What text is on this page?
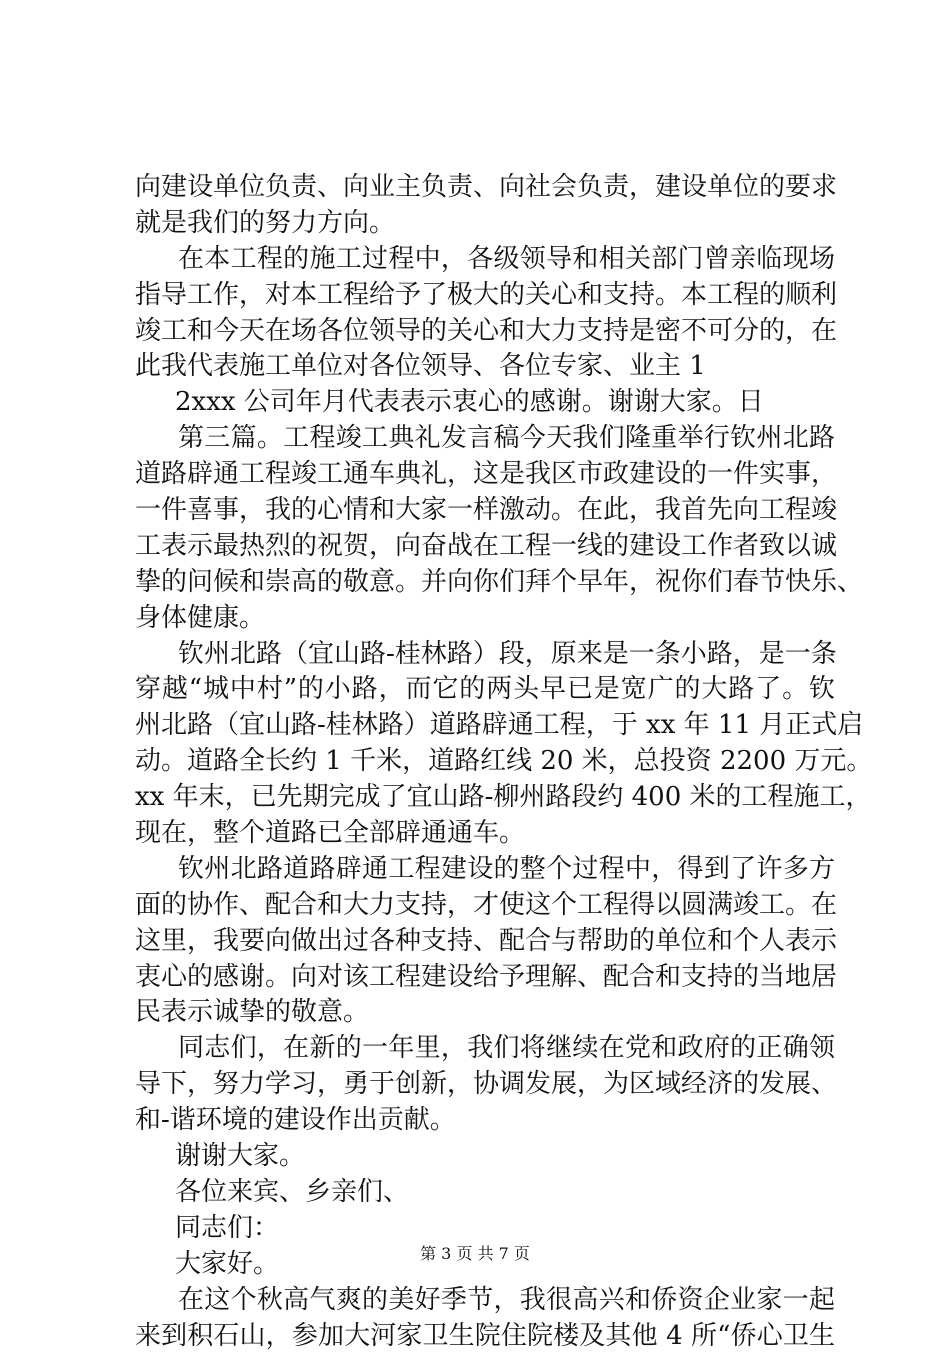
向建设单位负责、向业主负责、向社会负责，建设单位的要求
就是我们的努力方向。
在本工程的施工过程中，各级领导和相关部门曾亲临现场
指导工作，对本工程给予了极大的关心和支持。本工程的顺利
竣工和今天在场各位领导的关心和大力支持是密不可分的，在
此我代表施工单位对各位领导、各位专家、业主 1
2xxx 公司年月代表表示衷心的感谢。谢谢大家。日
第三篇。工程竣工典礼发言稿今天我们隆重举行钦州北路
道路辟通工程竣工通车典礼，这是我区市政建设的一件实事，
一件喜事，我的心情和大家一样激动。在此，我首先向工程竣
工表示最热烈的祝贺，向奋战在工程一线的建设工作者致以诚
挚的问候和崇高的敬意。并向你们拜个早年，祝你们春节快乐、
身体健康。
钦州北路（宜山路-桂林路）段，原来是一条小路，是一条
穿越“城中村”的小路，而它的两头早已是宽广的大路了。钦
州北路（宜山路-桂林路）道路辟通工程，于 xx 年 11 月正式启
动。道路全长约 1 千米，道路红线 20 米，总投资 2200 万元。
xx 年末，已先期完成了宜山路-柳州路段约 400 米的工程施工，
现在，整个道路已全部辟通通车。
钦州北路道路辟通工程建设的整个过程中，得到了许多方
面的协作、配合和大力支持，才使这个工程得以圆满竣工。在
这里，我要向做出过各种支持、配合与帮助的单位和个人表示
衷心的感谢。向对该工程建设给予理解、配合和支持的当地居
民表示诚挚的敬意。
同志们，在新的一年里，我们将继续在党和政府的正确领
导下，努力学习，勇于创新，协调发展，为区域经济的发展、
和-谐环境的建设作出贡献。
谢谢大家。
各位来宾、乡亲们、
同志们：
大家好。
在这个秋高气爽的美好季节，我很高兴和侨资企业家一起
来到积石山，参加大河家卫生院住院楼及其他 4 所“侨心卫生
第 3 页 共 7 页
